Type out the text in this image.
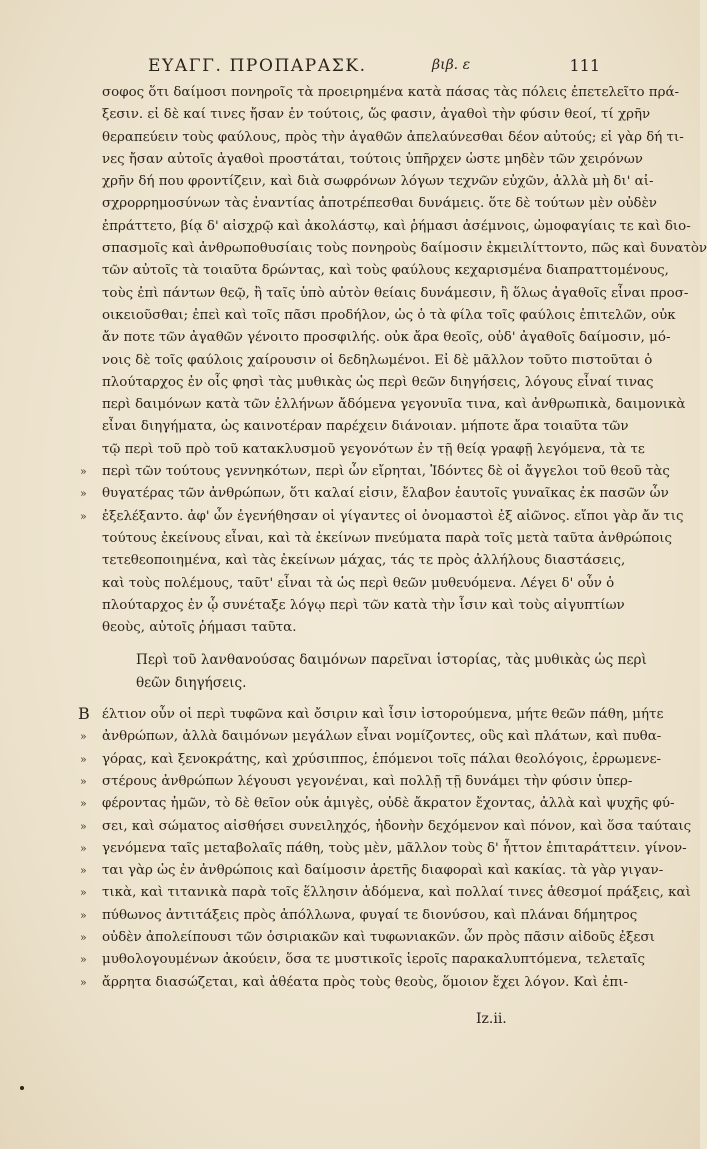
ΕΥΑΓΓ. ΠΡΟΠΑΡΑΣΚ.	βιβ. ε	111
σοφος ὅτι δαίμοσι πονηροῖς τὰ προειρημένα κατὰ πάσας τὰς πόλεις ἐπετελεῖτο πρά-
ξεσιν. εἰ δὲ καί τινες ἤσαν ἐν τούτοις, ὥς φασιν, ἀγαθοὶ τὴν φύσιν θεοί, τί χρῆν
θεραπεύειν τοὺς φαύλους, πρὸς τὴν ἀγαθῶν ἀπελαύνεσθαι δέον αὐτούς; εἰ γὰρ δή τι-
νες ἤσαν αὐτοῖς ἀγαθοὶ προστάται, τούτοις ὑπῆρχεν ὡστε μηδὲν τῶν χειρόνων
χρῆν δή που φροντίζειν, καὶ διὰ σωφρόνων λόγων τεχνῶν εὐχῶν, ἀλλὰ μὴ δι' αἰ-
σχρορρημοσύνων τὰς ἐναντίας ἀποτρέπεσθαι δυνάμεις. ὅτε δὲ τούτων μὲν οὐδὲν
ἐπράττετο, βίᾳ δ' αἰσχρῷ καὶ ἀκολάστῳ, καὶ ῥήμασι ἀσέμνοις, ὠμοφαγίαις τε καὶ διο-
σπασμοῖς καὶ ἀνθρωποθυσίαις τοὺς πονηροὺς δαίμοσιν ἐκμειλίττοντο, πῶς καὶ δυνατὸν
τῶν αὐτοῖς τὰ τοιαῦτα δρώντας, καὶ τοὺς φαύλους κεχαρισμένα διαπραττομένους,
τοὺς ἐπὶ πάντων θεῷ, ἢ ταῖς ὑπὸ αὐτὸν θείαις δυνάμεσιν, ἢ ὅλως ἀγαθοῖς εἶναι προσ-
οικειοῦσθαι; ἐπεὶ καὶ τοῖς πᾶσι προδήλον, ὡς ὁ τὰ φίλα τοῖς φαύλοις ἐπιτελῶν, οὐκ
ἄν ποτε τῶν ἀγαθῶν γένοιτο προσφιλής. οὐκ ἄρα θεοῖς, οὐδ' ἀγαθοῖς δαίμοσιν, μό-
νοις δὲ τοῖς φαύλοις χαίρουσιν οἱ δεδηλωμένοι. Εἰ δὲ μᾶλλον τοῦτο πιστοῦται ὁ
πλούταρχος ἐν οἷς φησὶ τὰς μυθικὰς ὡς περὶ θεῶν διηγήσεις, λόγους εἶναί τινας
περὶ δαιμόνων κατὰ τῶν ἑλλήνων ἄδόμενα γεγονυῖα τινα, καὶ ἀνθρωπικὰ, δαιμονικὰ
εἶναι διηγήματα, ὡς καινοτέραν παρέχειν διάνοιαν. μήποτε ἄρα τοιαῦτα τῶν
τῷ περὶ τοῦ πρὸ τοῦ κατακλυσμοῦ γεγονότων ἐν τῇ θείᾳ γραφῇ λεγόμενα, τὰ τε
περὶ τῶν τούτους γεννηκότων, περὶ ὧν εἴρηται, Ἰδόντες δὲ οἱ ἄγγελοι τοῦ θεοῦ τὰς
»
θυγατέρας τῶν ἀνθρώπων, ὅτι καλαί εἰσιν, ἔλαβον ἑαυτοῖς γυναῖκας ἐκ πασῶν ὧν
»
ἐξελέξαντο. ἀφ' ὧν ἐγενήθησαν οἱ γίγαντες οἱ ὀνομαστοὶ ἐξ αἰῶνος. εἴποι γὰρ ἄν τις
»
τούτους ἐκείνους εἶναι, καὶ τὰ ἐκείνων πνεύματα παρὰ τοῖς μετὰ ταῦτα ἀνθρώποις
τετεθεοποιημένα, καὶ τὰς ἐκείνων μάχας, τάς τε πρὸς ἀλλήλους διαστάσεις,
καὶ τοὺς πολέμους, ταῦτ' εἶναι τὰ ὡς περὶ θεῶν μυθευόμενα. Λέγει δ' οὖν ὁ
πλούταρχος ἐν ᾧ συνέταξε λόγῳ περὶ τῶν κατὰ τὴν ἶσιν καὶ τοὺς αἰγυπτίων
θεοὺς, αὐτοῖς ῥήμασι ταῦτα.
Περὶ τοῦ λανθανούσας δαιμόνων παρεῖναι ἱστορίας, τὰς μυθικὰς ὡς περὶ
θεῶν διηγήσεις.
έλτιον οὖν οἱ περὶ τυφῶνα καὶ ὄσιριν καὶ ἶσιν ἱστορούμενα, μήτε θεῶν πάθη, μήτε
Β
ἀνθρώπων, ἀλλὰ δαιμόνων μεγάλων εἶναι νομίζοντες, οὓς καὶ πλάτων, καὶ πυθα-
»
γόρας, καὶ ξενοκράτης, καὶ χρύσιππος, ἑπόμενοι τοῖς πάλαι θεολόγοις, ἐρρωμενε-
»
στέρους ἀνθρώπων λέγουσι γεγονέναι, καὶ πολλῇ τῇ δυνάμει τὴν φύσιν ὑπερ-
»
φέροντας ἡμῶν, τὸ δὲ θεῖον οὐκ ἀμιγὲς, οὐδὲ ἄκρατον ἔχοντας, ἀλλὰ καὶ ψυχῆς φύ-
»
σει, καὶ σώματος αἰσθήσει συνειληχός, ἡδονὴν δεχόμενον καὶ πόνον, καὶ ὅσα ταύταις
»
γενόμενα ταῖς μεταβολαῖς πάθη, τοὺς μὲν, μᾶλλον τοὺς δ' ἧττον ἐπιταράττειν. γίνον-
»
ται γὰρ ὡς ἐν ἀνθρώποις καὶ δαίμοσιν ἀρετῆς διαφοραὶ καὶ κακίας. τὰ γὰρ γιγαν-
»
τικὰ, καὶ τιτανικὰ παρὰ τοῖς ἕλλησιν ἀδόμενα, καὶ πολλαί τινες ἀθεσμοί πράξεις, καὶ
»
πύθωνος ἀντιτάξεις πρὸς ἀπόλλωνα, φυγαί τε διονύσου, καὶ πλάναι δήμητρος
»
οὐδὲν ἀπολείπουσι τῶν ὀσιριακῶν καὶ τυφωνιακῶν. ὧν πρὸς πᾶσιν αἰδοῦς ἐξεσι
»
μυθολογουμένων ἀκούειν, ὅσα τε μυστικοῖς ἱεροῖς παρακαλυπτόμενα, τελεταῖς
»
ἄρρητα διασώζεται, καὶ ἀθέατα πρὸς τοὺς θεοὺς, ὅμοιον ἔχει λόγον. Καὶ ἐπι-
»
Iz.ii.
